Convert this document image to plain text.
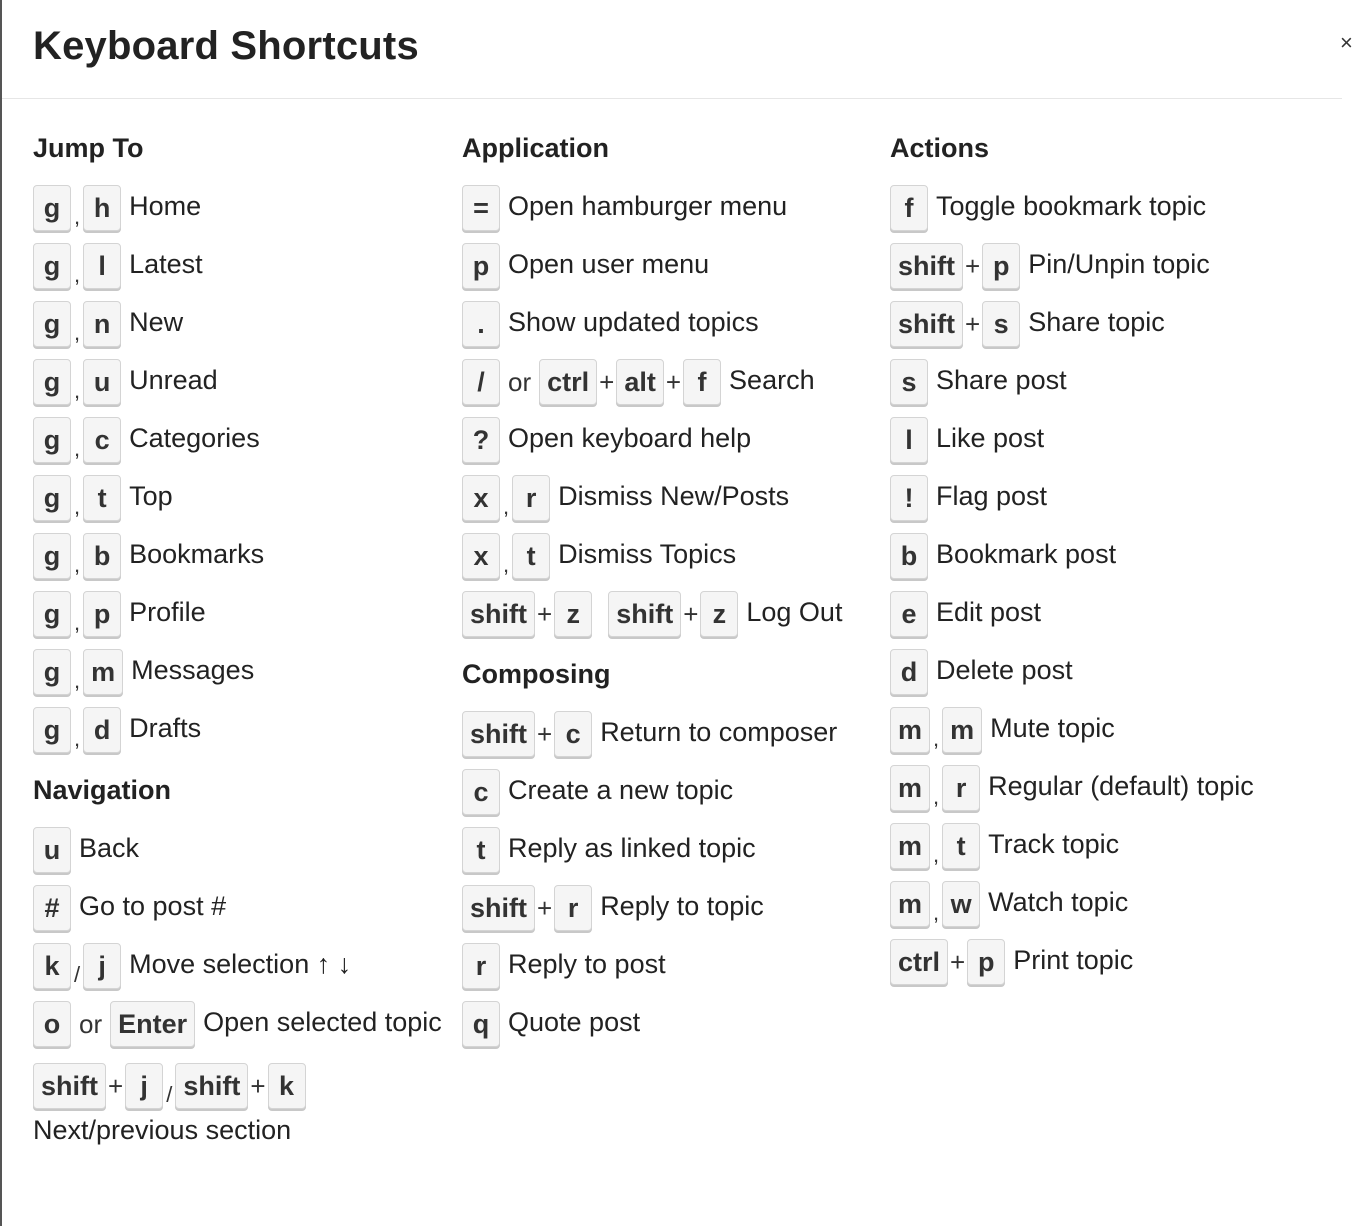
Keyboard Shortcuts	×
Jump To
g , h Home
g , l Latest
g , n New
g , u Unread
g , c Categories
g , t Top
g , b Bookmarks
g , p Profile
g , m Messages
g , d Drafts
Navigation
u Back
# Go to post #
k / j Move selection ↑ ↓
o or Enter Open selected topic
shift + j / shift + k
Next/previous section
Application
= Open hamburger menu
p Open user menu
. Show updated topics
/ or ctrl + alt + f Search
? Open keyboard help
x , r Dismiss New/Posts
x , t Dismiss Topics
shift + z	shift + z Log Out
Composing
shift + c Return to composer
c Create a new topic
t Reply as linked topic
shift + r Reply to topic
r Reply to post
q Quote post
Actions
f Toggle bookmark topic
shift + p Pin/Unpin topic
shift + s Share topic
s Share post
l Like post
! Flag post
b Bookmark post
e Edit post
d Delete post
m , m Mute topic
m , r Regular (default) topic
m , t Track topic
m , w Watch topic
ctrl + p Print topic
